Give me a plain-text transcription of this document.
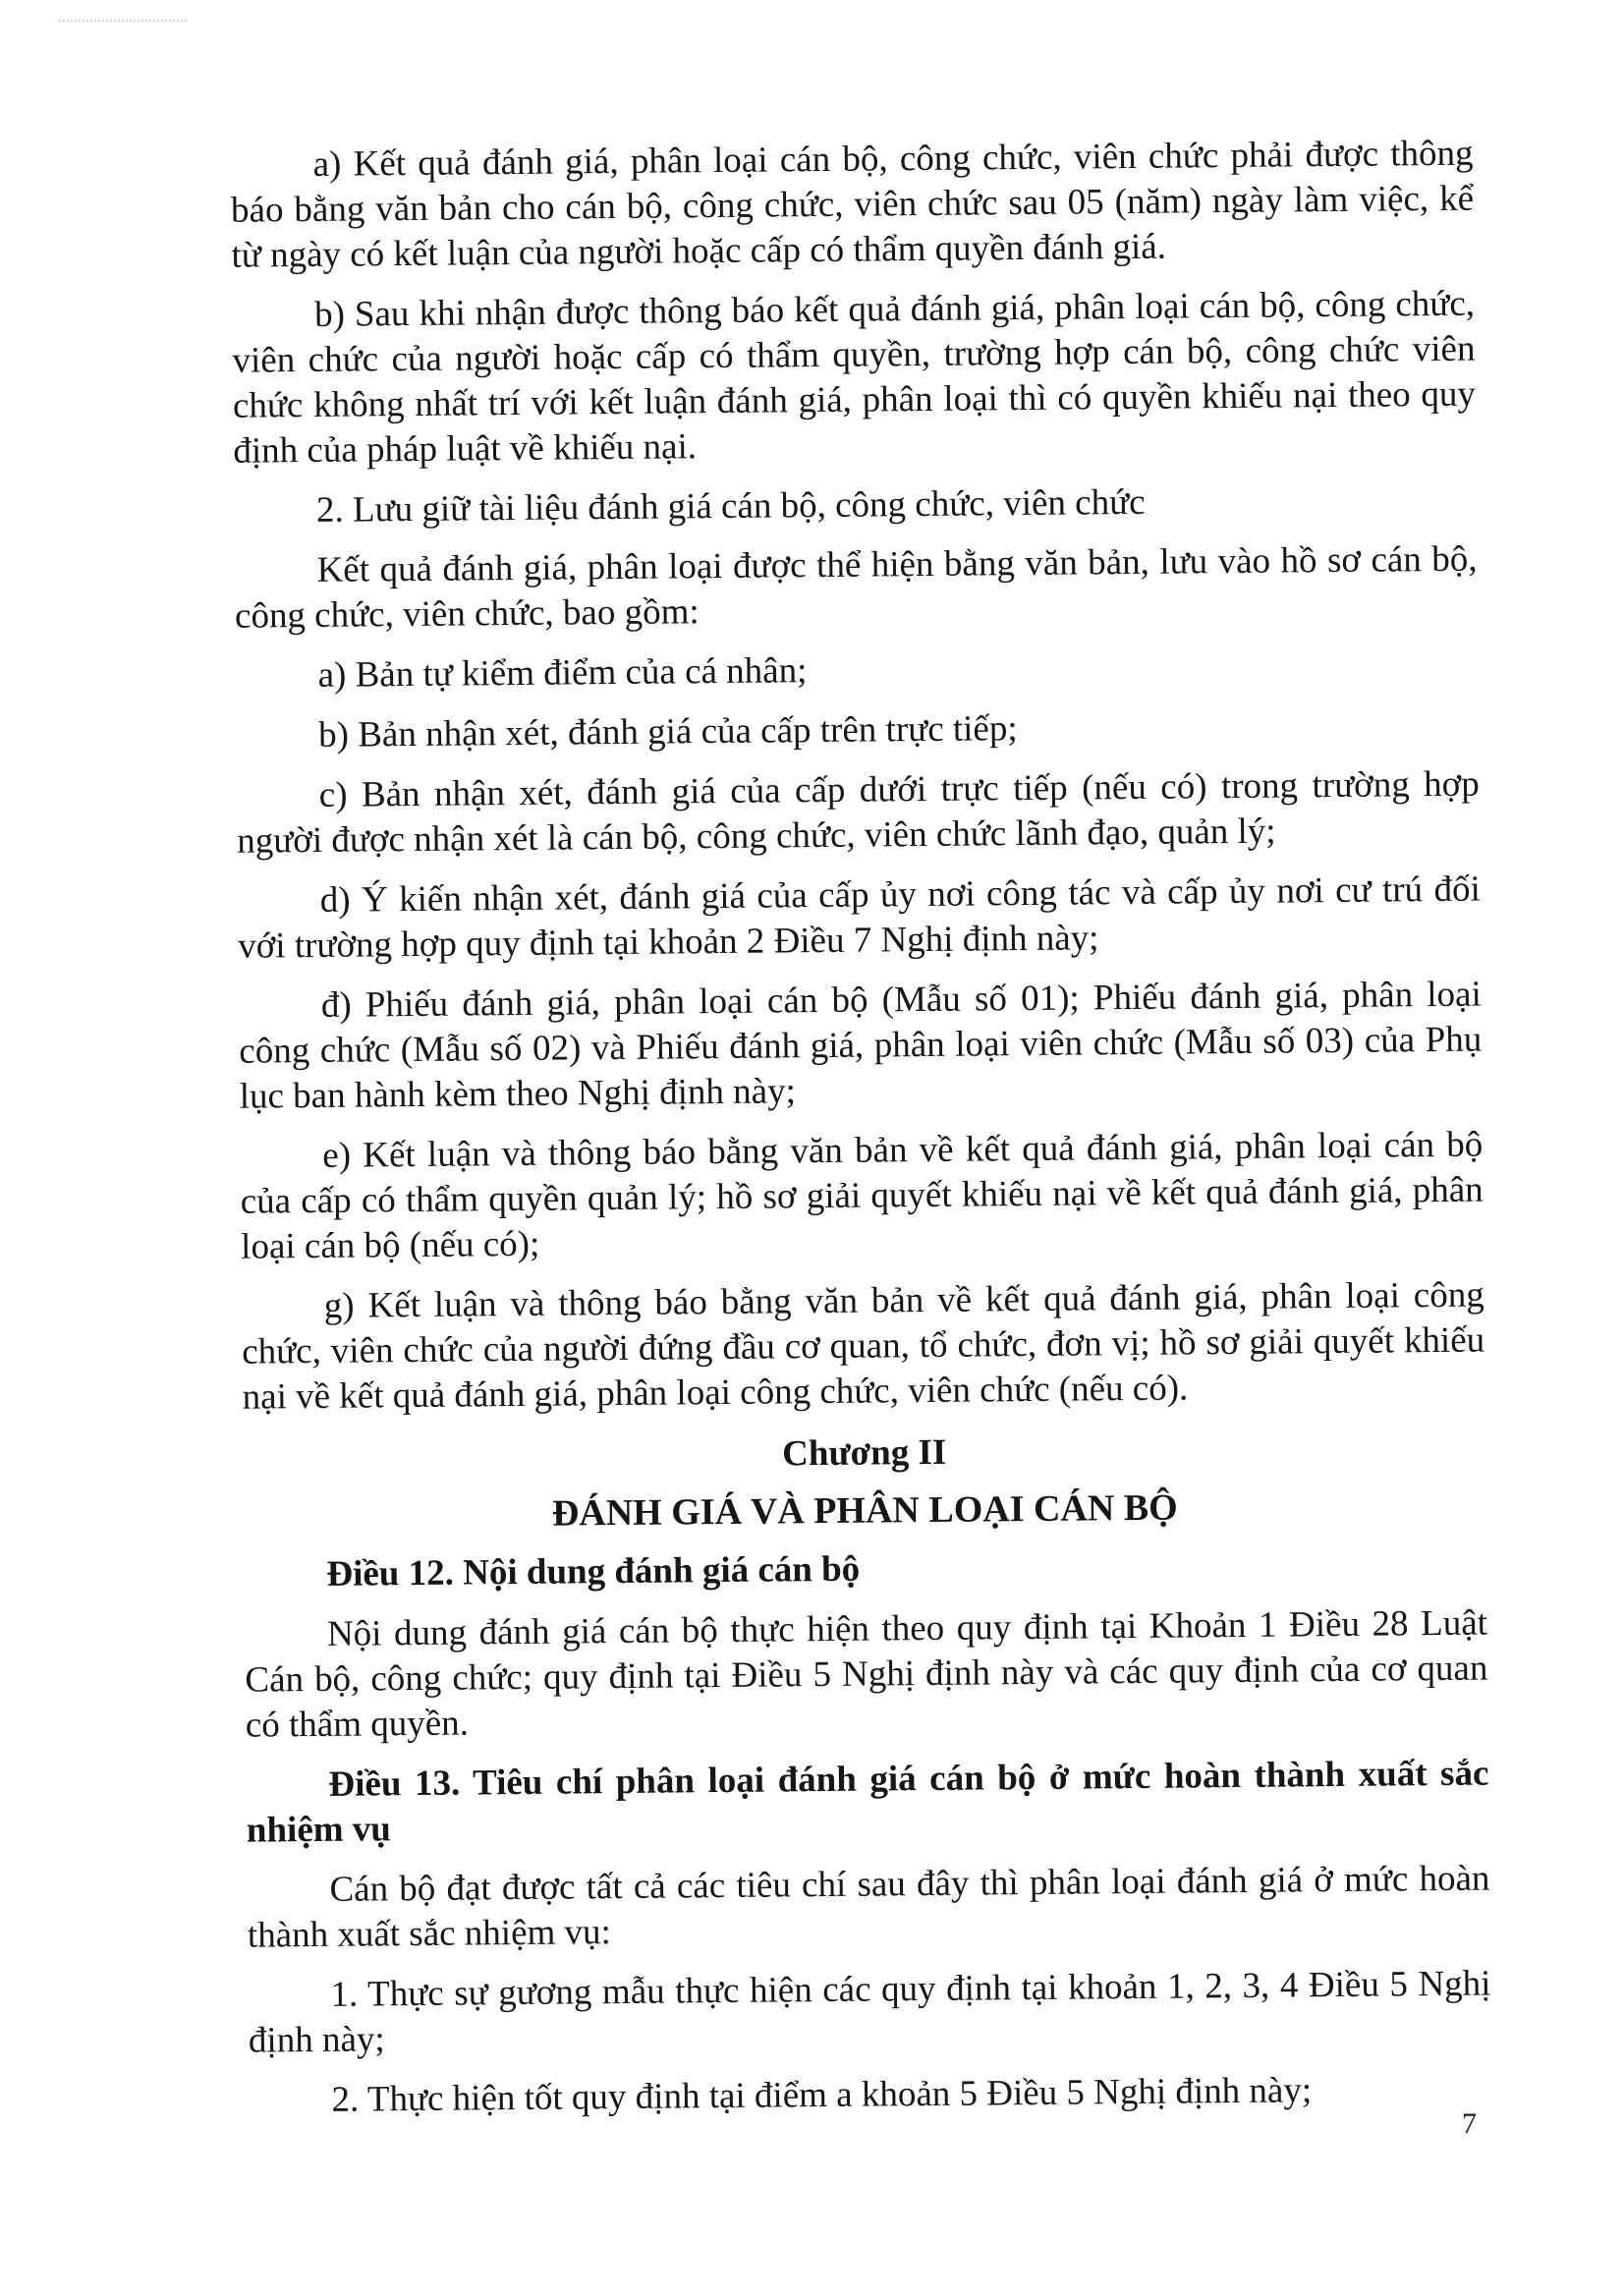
a) Kết quả đánh giá, phân loại cán bộ, công chức, viên chức phải được thông báo bằng văn bản cho cán bộ, công chức, viên chức sau 05 (năm) ngày làm việc, kể từ ngày có kết luận của người hoặc cấp có thẩm quyền đánh giá.

b) Sau khi nhận được thông báo kết quả đánh giá, phân loại cán bộ, công chức, viên chức của người hoặc cấp có thẩm quyền, trường hợp cán bộ, công chức viên chức không nhất trí với kết luận đánh giá, phân loại thì có quyền khiếu nại theo quy định của pháp luật về khiếu nại.

2. Lưu giữ tài liệu đánh giá cán bộ, công chức, viên chức

Kết quả đánh giá, phân loại được thể hiện bằng văn bản, lưu vào hồ sơ cán bộ, công chức, viên chức, bao gồm:

a) Bản tự kiểm điểm của cá nhân;

b) Bản nhận xét, đánh giá của cấp trên trực tiếp;

c) Bản nhận xét, đánh giá của cấp dưới trực tiếp (nếu có) trong trường hợp người được nhận xét là cán bộ, công chức, viên chức lãnh đạo, quản lý;

d) Ý kiến nhận xét, đánh giá của cấp ủy nơi công tác và cấp ủy nơi cư trú đối với trường hợp quy định tại khoản 2 Điều 7 Nghị định này;

đ) Phiếu đánh giá, phân loại cán bộ (Mẫu số 01); Phiếu đánh giá, phân loại công chức (Mẫu số 02) và Phiếu đánh giá, phân loại viên chức (Mẫu số 03) của Phụ lục ban hành kèm theo Nghị định này;

e) Kết luận và thông báo bằng văn bản về kết quả đánh giá, phân loại cán bộ của cấp có thẩm quyền quản lý; hồ sơ giải quyết khiếu nại về kết quả đánh giá, phân loại cán bộ (nếu có);

g) Kết luận và thông báo bằng văn bản về kết quả đánh giá, phân loại công chức, viên chức của người đứng đầu cơ quan, tổ chức, đơn vị; hồ sơ giải quyết khiếu nại về kết quả đánh giá, phân loại công chức, viên chức (nếu có).

Chương II

ĐÁNH GIÁ VÀ PHÂN LOẠI CÁN BỘ

Điều 12. Nội dung đánh giá cán bộ

Nội dung đánh giá cán bộ thực hiện theo quy định tại Khoản 1 Điều 28 Luật Cán bộ, công chức; quy định tại Điều 5 Nghị định này và các quy định của cơ quan có thẩm quyền.

Điều 13. Tiêu chí phân loại đánh giá cán bộ ở mức hoàn thành xuất sắc nhiệm vụ

Cán bộ đạt được tất cả các tiêu chí sau đây thì phân loại đánh giá ở mức hoàn thành xuất sắc nhiệm vụ:

1. Thực sự gương mẫu thực hiện các quy định tại khoản 1, 2, 3, 4 Điều 5 Nghị định này;

2. Thực hiện tốt quy định tại điểm a khoản 5 Điều 5 Nghị định này;

7
